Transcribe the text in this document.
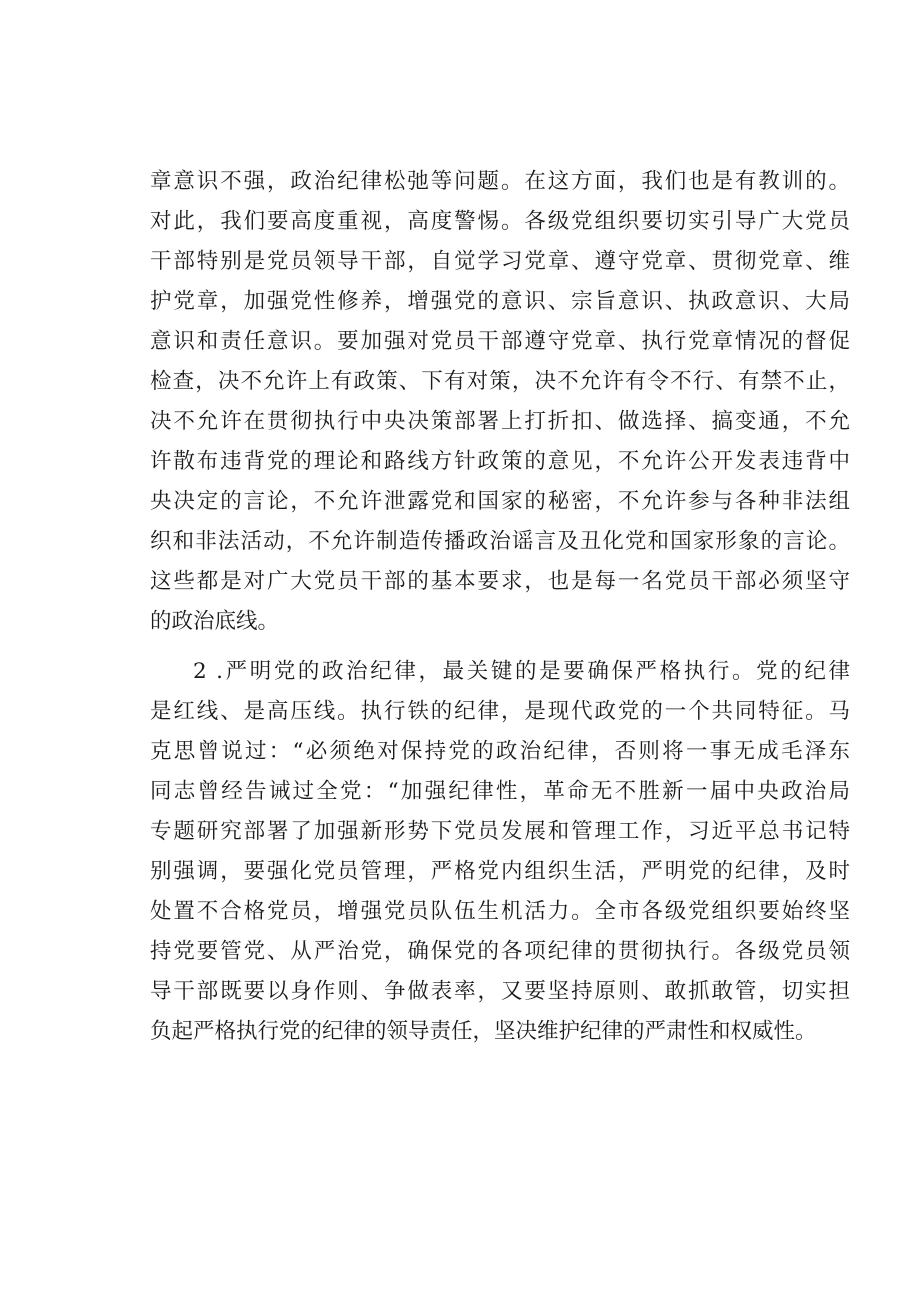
章意识不强，政治纪律松弛等问题。在这方面，我们也是有教训的。
对此，我们要高度重视，高度警惕。各级党组织要切实引导广大党员
干部特别是党员领导干部，自觉学习党章、遵守党章、贯彻党章、维
护党章，加强党性修养，增强党的意识、宗旨意识、执政意识、大局
意识和责任意识。要加强对党员干部遵守党章、执行党章情况的督促
检查，决不允许上有政策、下有对策，决不允许有令不行、有禁不止，
决不允许在贯彻执行中央决策部署上打折扣、做选择、搞变通，不允
许散布违背党的理论和路线方针政策的意见，不允许公开发表违背中
央决定的言论，不允许泄露党和国家的秘密，不允许参与各种非法组
织和非法活动，不允许制造传播政治谣言及丑化党和国家形象的言论。
这些都是对广大党员干部的基本要求，也是每一名党员干部必须坚守
的政治底线。
2 .严明党的政治纪律，最关键的是要确保严格执行。党的纪律
是红线、是高压线。执行铁的纪律，是现代政党的一个共同特征。马
克思曾说过：“必须绝对保持党的政治纪律，否则将一事无成毛泽东
同志曾经告诫过全党：“加强纪律性，革命无不胜新一届中央政治局
专题研究部署了加强新形势下党员发展和管理工作，习近平总书记特
别强调，要强化党员管理，严格党内组织生活，严明党的纪律，及时
处置不合格党员，增强党员队伍生机活力。全市各级党组织要始终坚
持党要管党、从严治党，确保党的各项纪律的贯彻执行。各级党员领
导干部既要以身作则、争做表率，又要坚持原则、敢抓敢管，切实担
负起严格执行党的纪律的领导责任，坚决维护纪律的严肃性和权威性。
